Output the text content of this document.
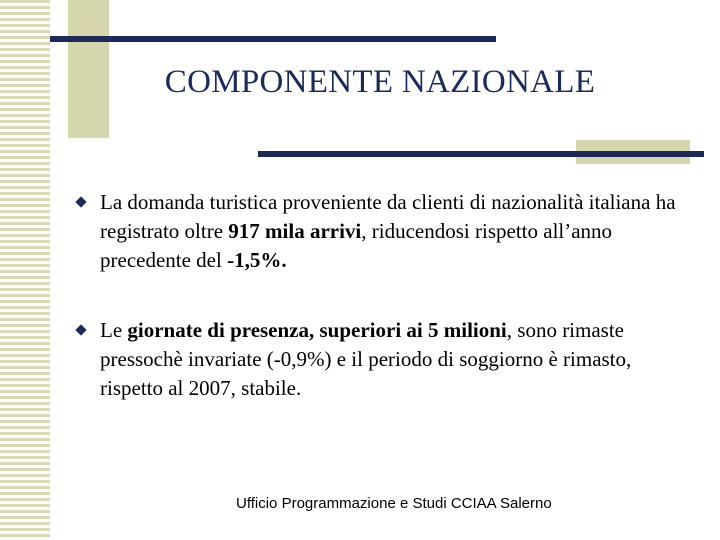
COMPONENTE NAZIONALE
La domanda turistica proveniente da clienti di nazionalità italiana ha registrato oltre 917 mila arrivi, riducendosi rispetto all’anno precedente del -1,5%.
Le giornate di presenza, superiori ai 5 milioni, sono rimaste pressochè invariate (-0,9%) e il periodo di soggiorno è rimasto, rispetto al 2007, stabile.
Ufficio Programmazione e Studi CCIAA Salerno
